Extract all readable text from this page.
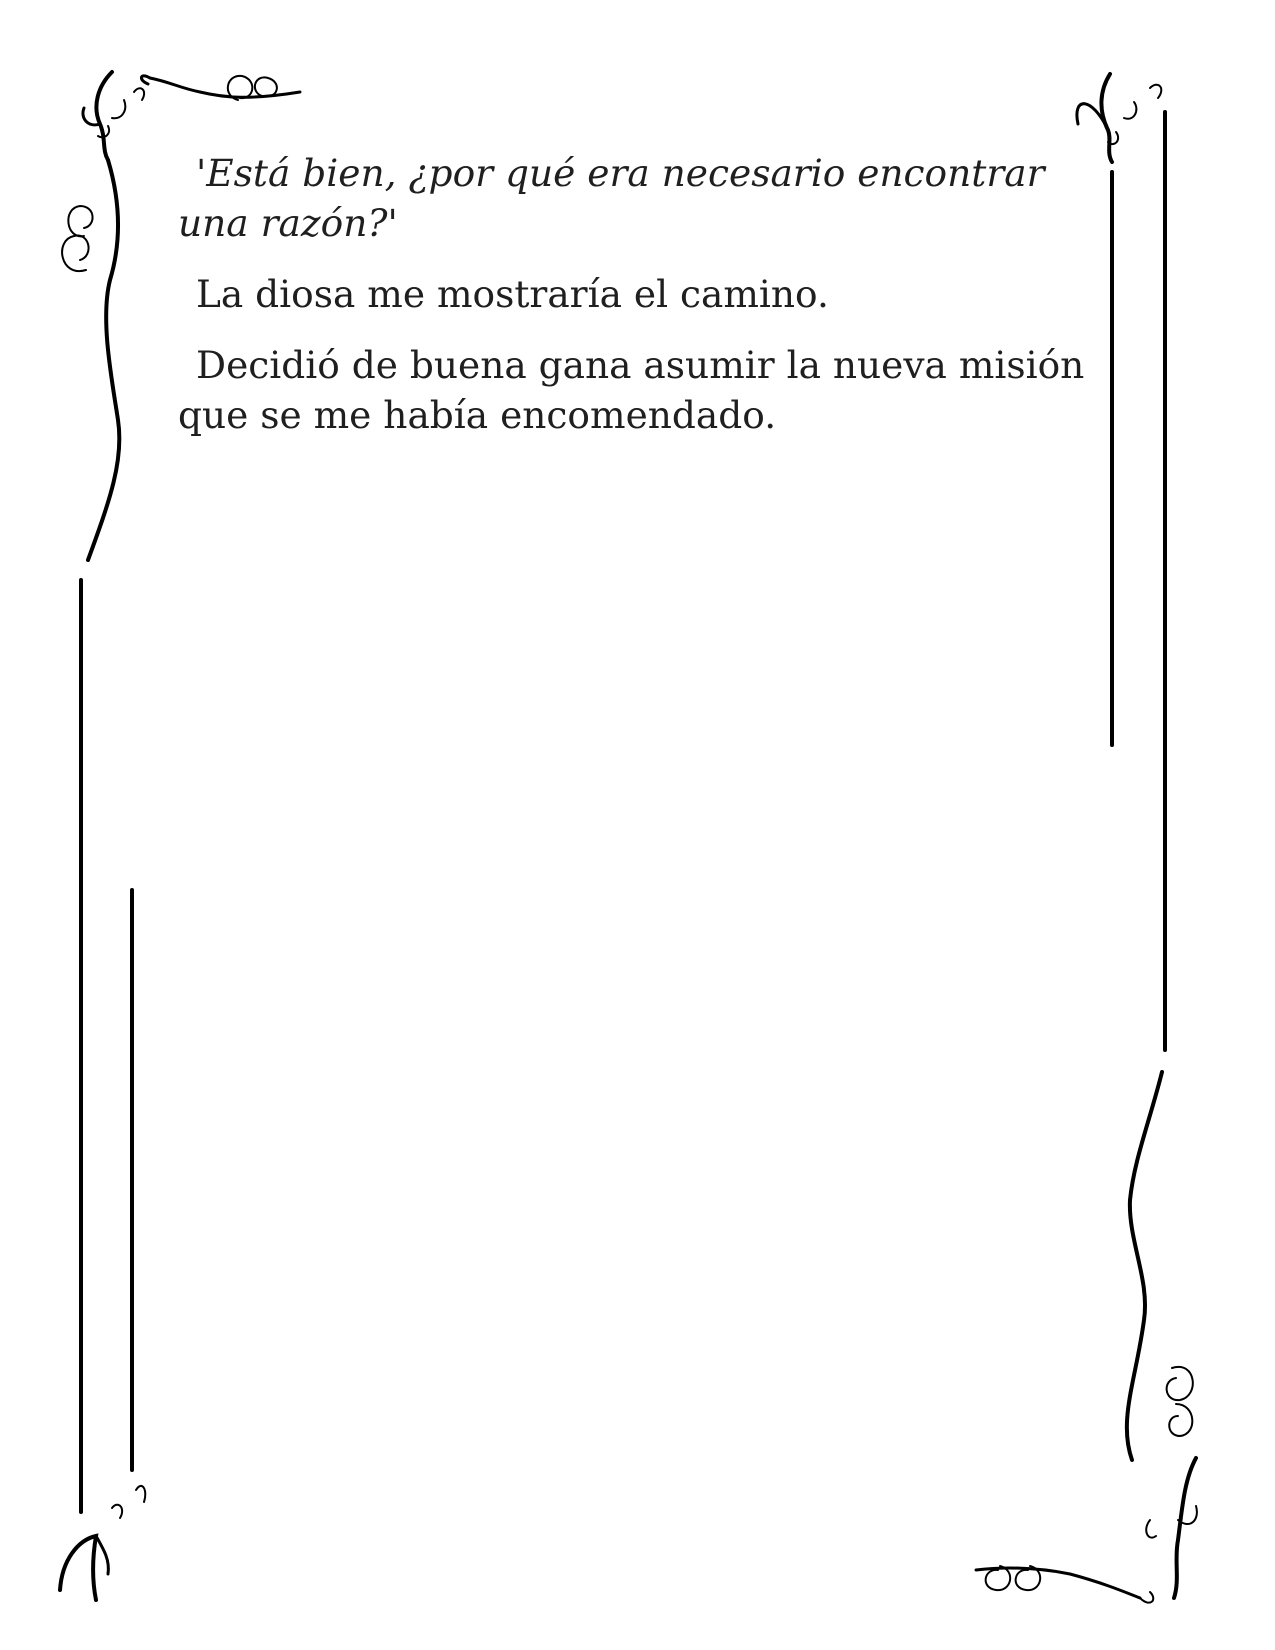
'Está bien, ¿por qué era necesario encontrar
una razón?'

La diosa me mostraría el camino.

Decidió de buena gana asumir la nueva misión
que se me había encomendado.
